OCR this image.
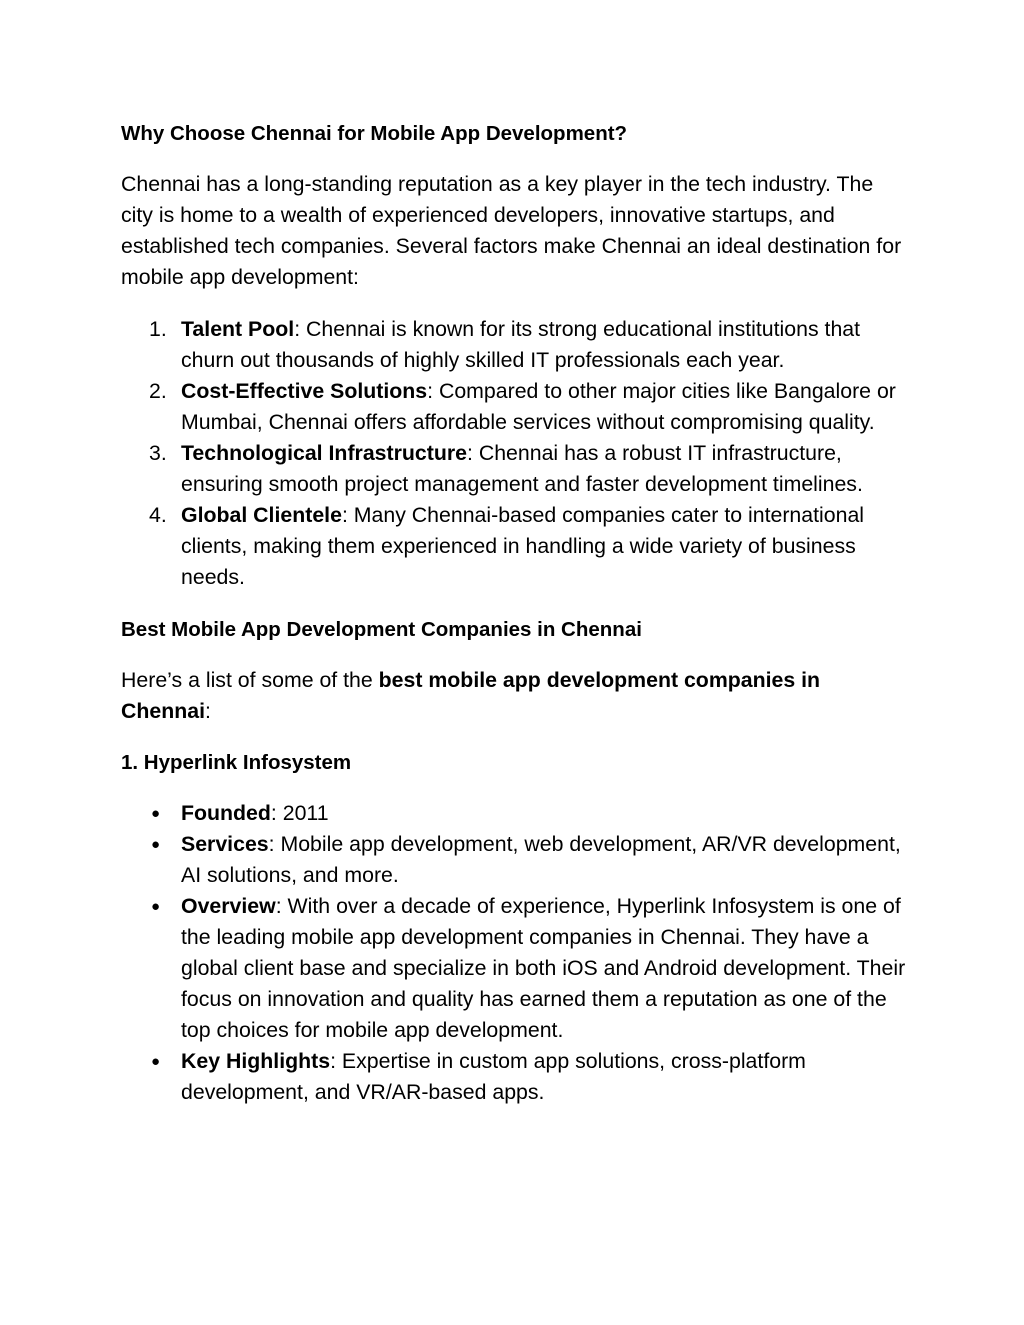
Why Choose Chennai for Mobile App Development?

Chennai has a long-standing reputation as a key player in the tech industry. The city is home to a wealth of experienced developers, innovative startups, and established tech companies. Several factors make Chennai an ideal destination for mobile app development:

1. Talent Pool: Chennai is known for its strong educational institutions that churn out thousands of highly skilled IT professionals each year.
2. Cost-Effective Solutions: Compared to other major cities like Bangalore or Mumbai, Chennai offers affordable services without compromising quality.
3. Technological Infrastructure: Chennai has a robust IT infrastructure, ensuring smooth project management and faster development timelines.
4. Global Clientele: Many Chennai-based companies cater to international clients, making them experienced in handling a wide variety of business needs.
Best Mobile App Development Companies in Chennai

Here’s a list of some of the best mobile app development companies in Chennai:

1. Hyperlink Infosystem
● Founded: 2011
● Services: Mobile app development, web development, AR/VR development, AI solutions, and more.
● Overview: With over a decade of experience, Hyperlink Infosystem is one of the leading mobile app development companies in Chennai. They have a global client base and specialize in both iOS and Android development. Their focus on innovation and quality has earned them a reputation as one of the top choices for mobile app development.
● Key Highlights: Expertise in custom app solutions, cross-platform development, and VR/AR-based apps.
